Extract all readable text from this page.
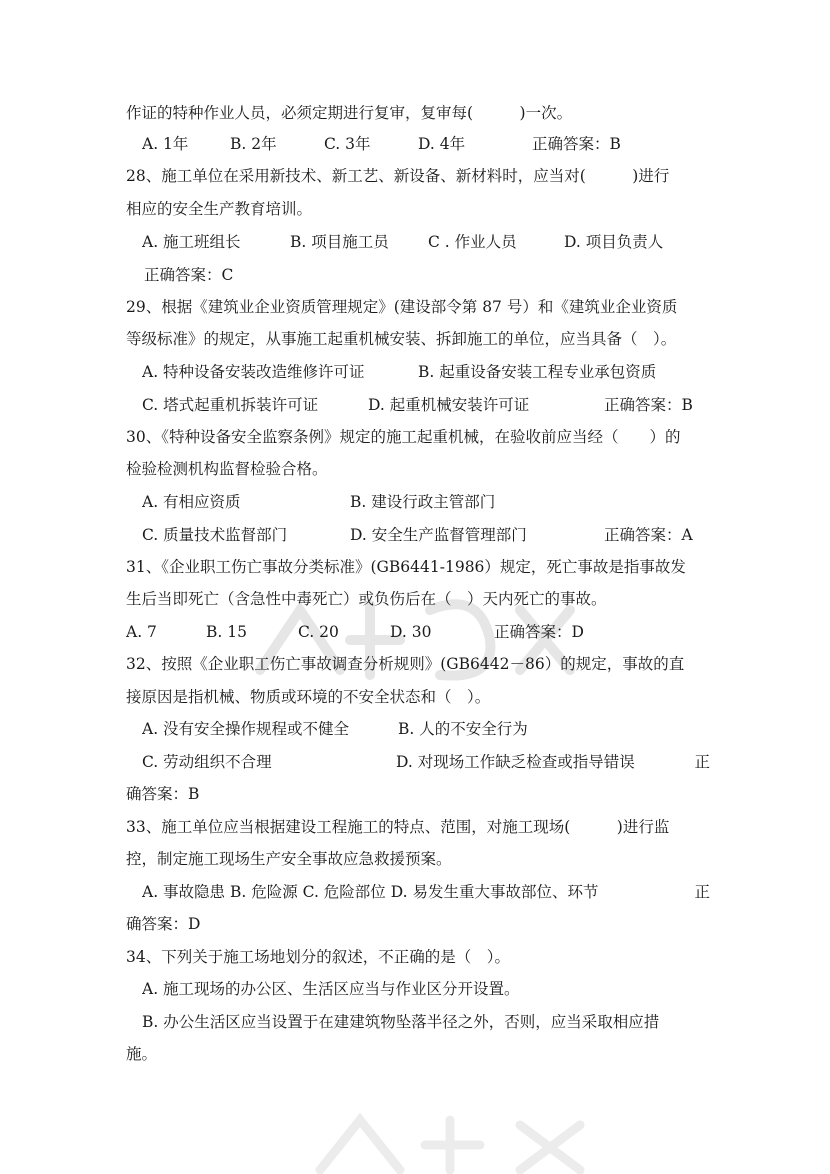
作证的特种作业人员，必须定期进行复审，复审每(　　　)一次。
A. 1年	B. 2年	C. 3年	D. 4年	正确答案：B
28、施工单位在采用新技术、新工艺、新设备、新材料时，应当对(　　　)进行
相应的安全生产教育培训。
A. 施工班组长	B. 项目施工员	C . 作业人员	D. 项目负责人
正确答案：C
29、根据《建筑业企业资质管理规定》(建设部令第 87 号）和《建筑业企业资质
等级标准》的规定，从事施工起重机械安装、拆卸施工的单位，应当具备（　）。
A. 特种设备安装改造维修许可证	B. 起重设备安装工程专业承包资质
C. 塔式起重机拆装许可证	D. 起重机械安装许可证	正确答案：B
30、《特种设备安全监察条例》规定的施工起重机械，在验收前应当经（　　）的
检验检测机构监督检验合格。
A. 有相应资质	B. 建设行政主管部门
C. 质量技术监督部门	D. 安全生产监督管理部门	正确答案：A
31、《企业职工伤亡事故分类标准》(GB6441-1986）规定，死亡事故是指事故发
生后当即死亡（含急性中毒死亡）或负伤后在（　）天内死亡的事故。
A. 7	B. 15	C. 20	D. 30	正确答案：D
32、按照《企业职工伤亡事故调查分析规则》(GB6442－86）的规定，事故的直
接原因是指机械、物质或环境的不安全状态和（　）。
A. 没有安全操作规程或不健全	B. 人的不安全行为
C. 劳动组织不合理	D. 对现场工作缺乏检查或指导错误	正
确答案：B
33、施工单位应当根据建设工程施工的特点、范围，对施工现场(　　　)进行监
控，制定施工现场生产安全事故应急救援预案。
A. 事故隐患 B. 危险源 C. 危险部位 D. 易发生重大事故部位、环节	正
确答案：D
34、下列关于施工场地划分的叙述，不正确的是（　）。
A. 施工现场的办公区、生活区应当与作业区分开设置。
B. 办公生活区应当设置于在建建筑物坠落半径之外，否则，应当采取相应措
施。
